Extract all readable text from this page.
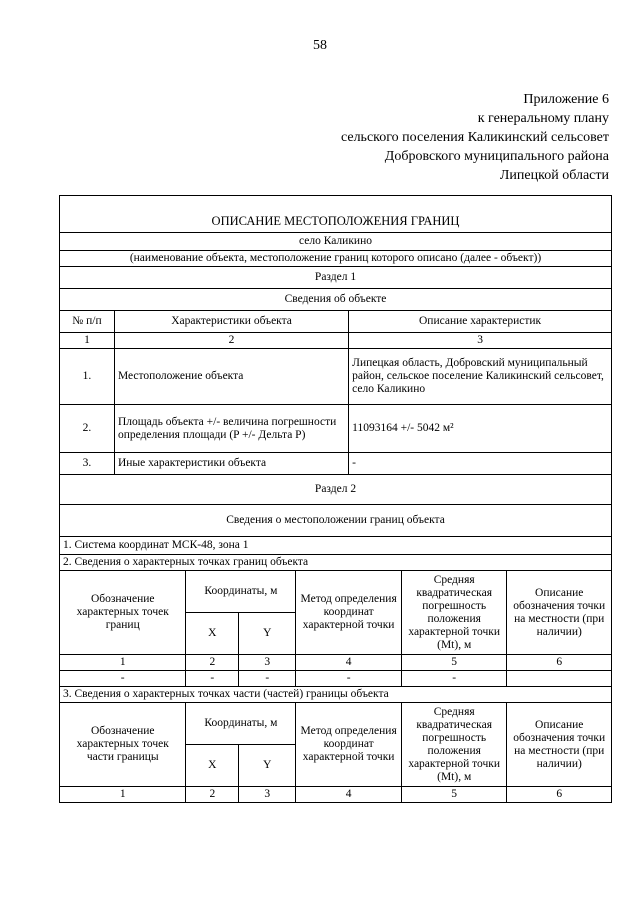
58
Приложение 6
к генеральному плану
сельского поселения Каликинский сельсовет
Добровского муниципального района
Липецкой области
ОПИСАНИЕ МЕСТОПОЛОЖЕНИЯ ГРАНИЦ							
село Каликино							
(наименование объекта, местоположение границ которого описано (далее - объект))							
Раздел 1							
Сведения об объекте							
№ п/п	Характеристики объекта				Описание характеристик		
1	2				3		
1.	Местоположение объекта				Липецкая область, Добровский муниципальный район, сельское поселение Каликинский сельсовет, село Каликино		
2.	Площадь объекта +/- величина погрешности определения площади (P +/- Дельта P)				11093164 +/- 5042 м²		
3.	Иные характеристики объекта				-		
Раздел 2							
Сведения о местоположении границ объекта							
1. Система координат МСК-48, зона 1							
2. Сведения о характерных точках границ объекта							
Обозначение характерных точек границ		Координаты, м		Метод определения координат характерной точки		Средняя квадратическая погрешность положения характерной точки (Mt), м	Описание обозначения точки на местности (при наличии)
		X	Y				
1		2	3	4		5	6
-		-	-	-		-	
3. Сведения о характерных точках части (частей) границы объекта							
Обозначение характерных точек части границы		Координаты, м		Метод определения координат характерной точки		Средняя квадратическая погрешность положения характерной точки (Mt), м	Описание обозначения точки на местности (при наличии)
		X	Y				
1		2	3	4		5	6
